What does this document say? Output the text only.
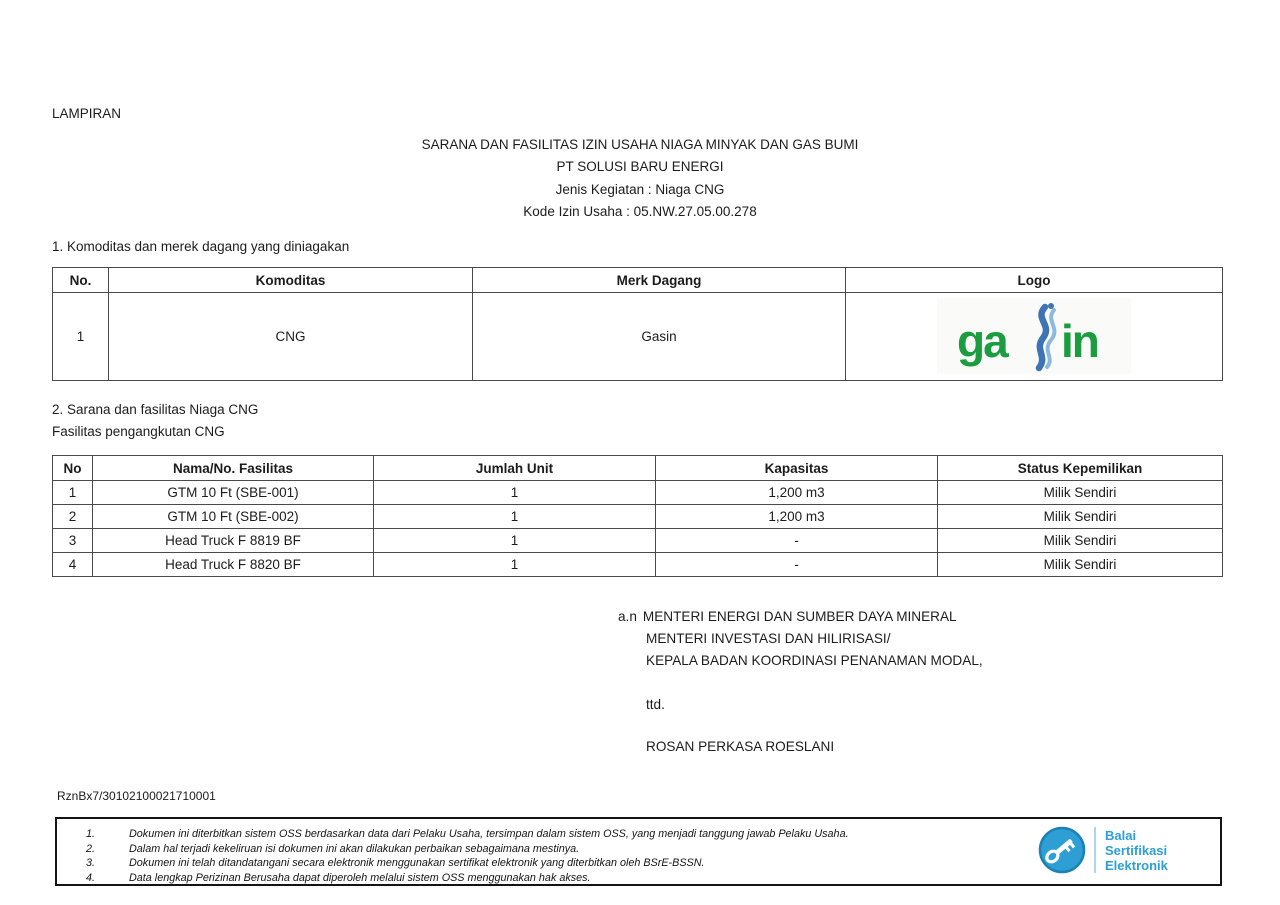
LAMPIRAN
SARANA DAN FASILITAS IZIN USAHA NIAGA MINYAK DAN GAS BUMI
PT SOLUSI BARU ENERGI
Jenis Kegiatan : Niaga CNG
Kode Izin Usaha : 05.NW.27.05.00.278
1. Komoditas dan merek dagang yang diniagakan
No.	Komoditas	Merk Dagang	Logo
1	CNG	Gasin	ga in
2. Sarana dan fasilitas Niaga CNG
Fasilitas pengangkutan CNG
No	Nama/No. Fasilitas	Jumlah Unit	Kapasitas	Status Kepemilikan
1	GTM 10 Ft (SBE-001)	1	1,200 m3	Milik Sendiri
2	GTM 10 Ft (SBE-002)	1	1,200 m3	Milik Sendiri
3	Head Truck F 8819 BF	1	-	Milik Sendiri
4	Head Truck F 8820 BF	1	-	Milik Sendiri
a.n MENTERI ENERGI DAN SUMBER DAYA MINERAL
MENTERI INVESTASI DAN HILIRISASI/
KEPALA BADAN KOORDINASI PENANAMAN MODAL,
ttd.
ROSAN PERKASA ROESLANI
RznBx7/30102100021710001
1.	Dokumen ini diterbitkan sistem OSS berdasarkan data dari Pelaku Usaha, tersimpan dalam sistem OSS, yang menjadi tanggung jawab Pelaku Usaha.
2.	Dalam hal terjadi kekeliruan isi dokumen ini akan dilakukan perbaikan sebagaimana mestinya.
3.	Dokumen ini telah ditandatangani secara elektronik menggunakan sertifikat elektronik yang diterbitkan oleh BSrE-BSSN.
4.	Data lengkap Perizinan Berusaha dapat diperoleh melalui sistem OSS menggunakan hak akses.
Balai
Sertifikasi
Elektronik
